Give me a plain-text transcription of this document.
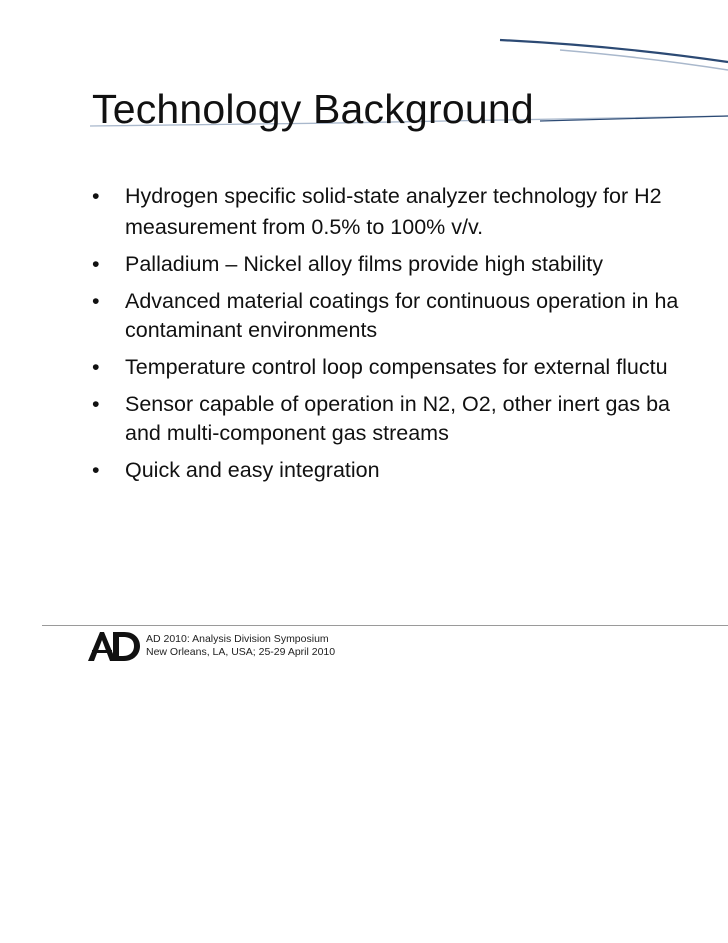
Technology Background
• Hydrogen specific solid-state analyzer technology for H2
measurement from 0.5% to 100% v/v.
• Palladium – Nickel alloy films provide high stability
• Advanced material coatings for continuous operation in ha
contaminant environments
• Temperature control loop compensates for external fluctu
• Sensor capable of operation in N2, O2, other inert gas ba
and multi-component gas streams
• Quick and easy integration
AD 2010: Analysis Division Symposium
New Orleans, LA, USA; 25-29 April 2010
